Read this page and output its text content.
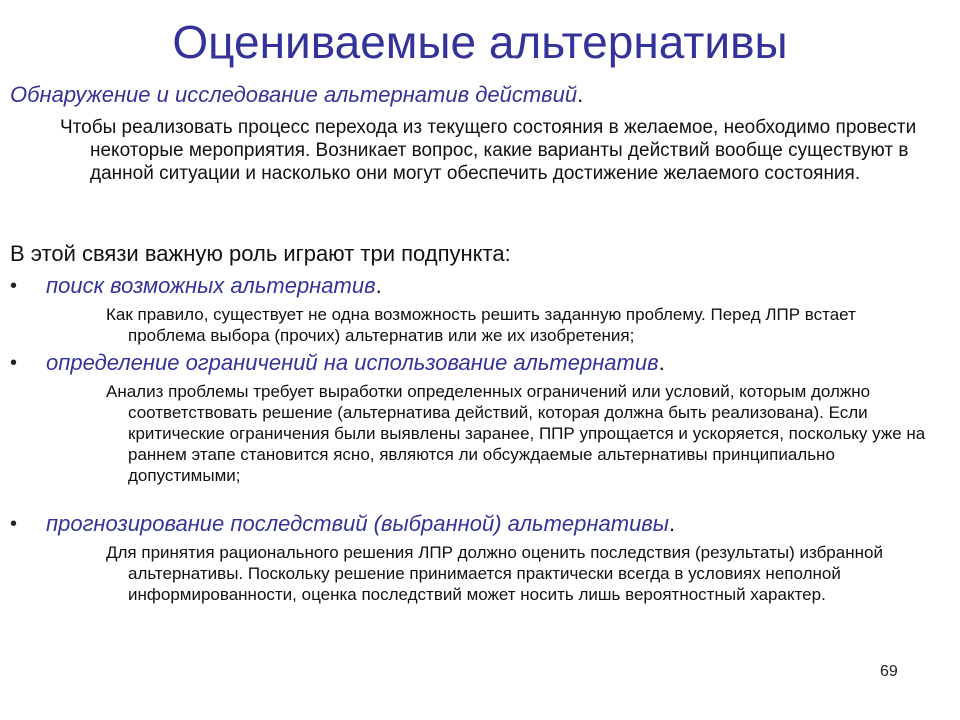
Оцениваемые альтернативы
Обнаружение и исследование альтернатив действий.
Чтобы реализовать процесс перехода из текущего состояния в желаемое, необходимо провести некоторые мероприятия. Возникает вопрос, какие варианты действий вообще существуют в данной ситуации и насколько они могут обеспечить достижение желаемого состояния.
В этой связи важную роль играют три подпункта:
• поиск возможных альтернатив.
Как правило, существует не одна возможность решить заданную проблему. Перед ЛПР встает проблема выбора (прочих) альтернатив или же их изобретения;
• определение ограничений на использование альтернатив.
Анализ проблемы требует выработки определенных ограничений или условий, которым должно соответствовать решение (альтернатива действий, которая должна быть реализована). Если критические ограничения были выявлены заранее, ППР упрощается и ускоряется, поскольку уже на раннем этапе становится ясно, являются ли обсуждаемые альтернативы принципиально допустимыми;
• прогнозирование последствий (выбранной) альтернативы.
Для принятия рационального решения ЛПР должно оценить последствия (результаты) избранной альтернативы. Поскольку решение принимается практически всегда в условиях неполной информированности, оценка последствий может носить лишь вероятностный характер.
69
